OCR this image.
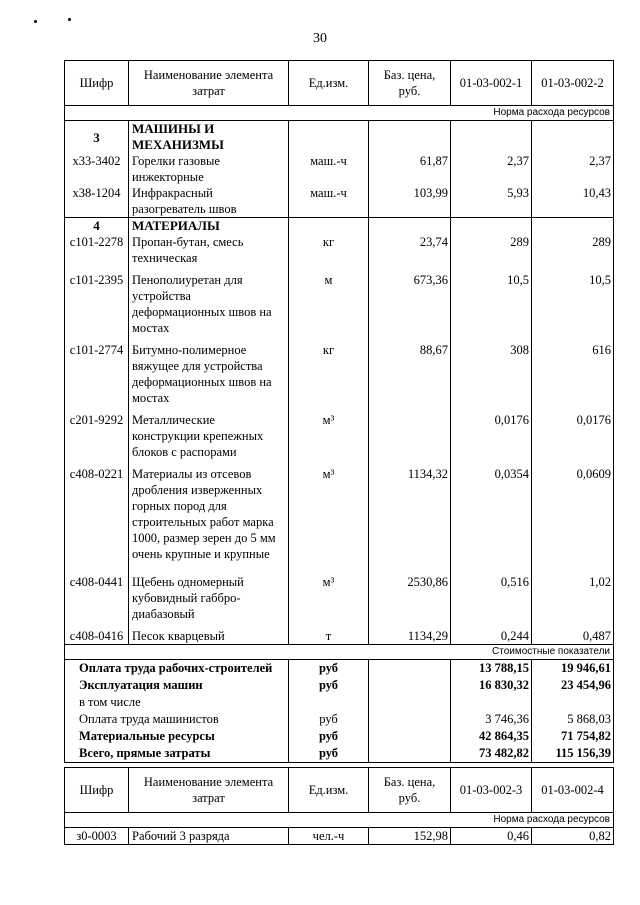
30
Шифр	Наименование элемента затрат	Ед.изм.	Баз. цена, руб.	01-03-002-1	01-03-002-2
Норма расхода ресурсов					
3	МАШИНЫ И МЕХАНИЗМЫ				
х33-3402	Горелки газовые инжекторные	маш.-ч	61,87	2,37	2,37
х38-1204	Инфракрасный разогреватель швов	маш.-ч	103,99	5,93	10,43
4	МАТЕРИАЛЫ				
с101-2278	Пропан-бутан, смесь техническая	кг	23,74	289	289
с101-2395	Пенополиуретан для устройства деформационных швов на мостах	м	673,36	10,5	10,5
с101-2774	Битумно-полимерное вяжущее для устройства деформационных швов на мостах	кг	88,67	308	616
с201-9292	Металлические конструкции крепежных блоков с распорами	м³		0,0176	0,0176
с408-0221	Материалы из отсевов дробления изверженных горных пород для строительных работ марка 1000, размер зерен до 5 мм очень крупные и крупные	м³	1134,32	0,0354	0,0609
с408-0441	Щебень одномерный кубовидный габбро-диабазовый	м³	2530,86	0,516	1,02
с408-0416	Песок кварцевый	т	1134,29	0,244	0,487
Стоимостные показатели					
Оплата труда рабочих-строителей		руб		13 788,15	19 946,61
Эксплуатация машин		руб		16 830,32	23 454,96
в том числе					
Оплата труда машинистов		руб		3 746,36	5 868,03
Материальные ресурсы		руб		42 864,35	71 754,82
Всего, прямые затраты		руб		73 482,82	115 156,39
Шифр	Наименование элемента затрат	Ед.изм.	Баз. цена, руб.	01-03-002-3	01-03-002-4
Норма расхода ресурсов					
з0-0003	Рабочий 3 разряда	чел.-ч	152,98	0,46	0,82
